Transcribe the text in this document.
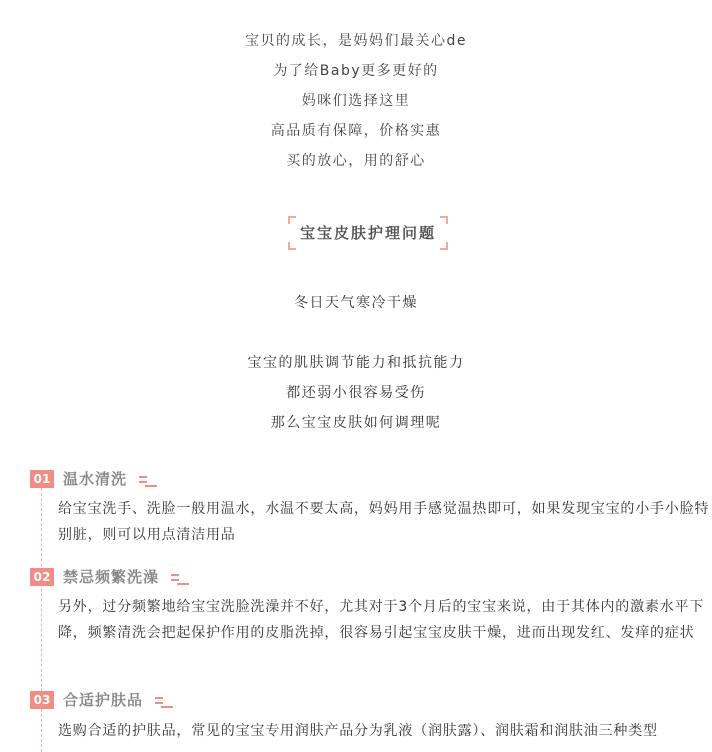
宝贝的成长，是妈妈们最关心de
为了给Baby更多更好的
妈咪们选择这里
高品质有保障，价格实惠
买的放心，用的舒心
宝宝皮肤护理问题
冬日天气寒冷干燥
宝宝的肌肤调节能力和抵抗能力
都还弱小很容易受伤
那么宝宝皮肤如何调理呢
01 温水清洗
给宝宝洗手、洗脸一般用温水，水温不要太高，妈妈用手感觉温热即可，如果发现宝宝的小手小脸特别脏，则可以用点清洁用品
02 禁忌频繁洗澡
另外，过分频繁地给宝宝洗脸洗澡并不好，尤其对于3个月后的宝宝来说，由于其体内的激素水平下降，频繁清洗会把起保护作用的皮脂洗掉，很容易引起宝宝皮肤干燥，进而出现发红、发痒的症状
03 合适护肤品
选购合适的护肤品，常见的宝宝专用润肤产品分为乳液（润肤露）、润肤霜和润肤油三种类型
